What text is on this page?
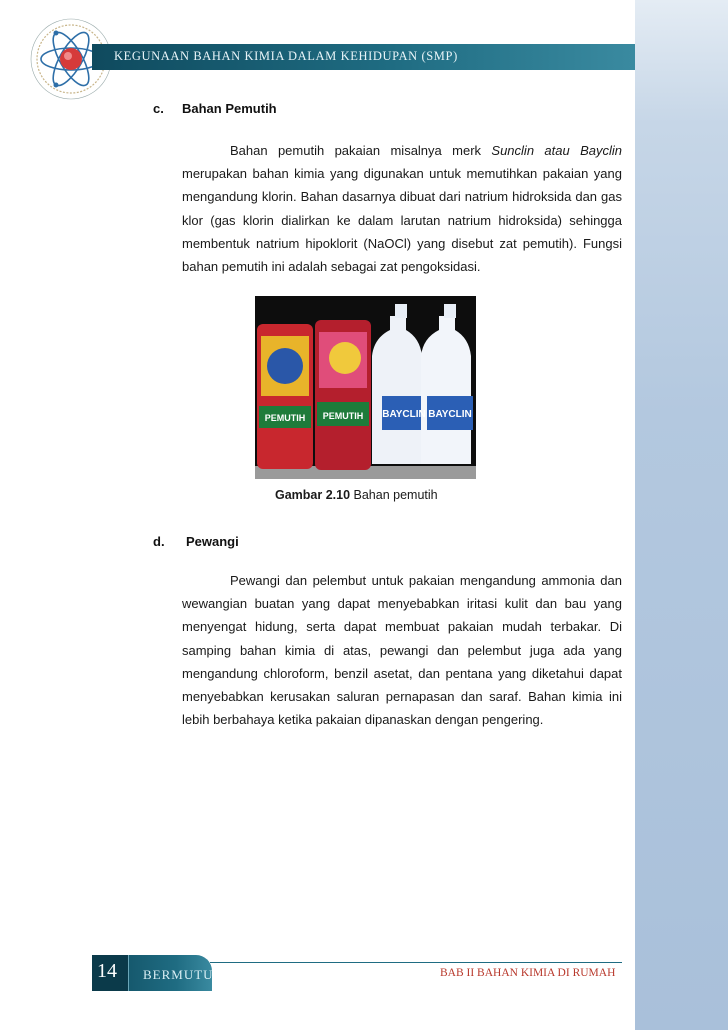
KEGUNAAN BAHAN KIMIA DALAM KEHIDUPAN (SMP)
c. Bahan Pemutih
Bahan pemutih pakaian misalnya merk Sunclin atau Bayclin merupakan bahan kimia yang digunakan untuk memutihkan pakaian yang mengandung klorin. Bahan dasarnya dibuat dari natrium hidroksida dan gas klor (gas klorin dialirkan ke dalam larutan natrium hidroksida) sehingga membentuk natrium hipoklorit (NaOCl) yang disebut zat pemutih). Fungsi bahan pemutih ini adalah sebagai zat pengoksidasi.
PEMUTIH PEMUTIH BAYCLIN BAYCLIN
Gambar 2.10 Bahan pemutih
d. Pewangi
Pewangi dan pelembut untuk pakaian mengandung ammonia dan wewangian buatan yang dapat menyebabkan iritasi kulit dan bau yang menyengat hidung, serta dapat membuat pakaian mudah terbakar. Di samping bahan kimia di atas, pewangi dan pelembut juga ada yang mengandung chloroform, benzil asetat, dan pentana yang diketahui dapat menyebabkan kerusakan saluran pernapasan dan saraf. Bahan kimia ini lebih berbahaya ketika pakaian dipanaskan dengan pengering.
14 BERMUTU	BAB II BAHAN KIMIA DI RUMAH
